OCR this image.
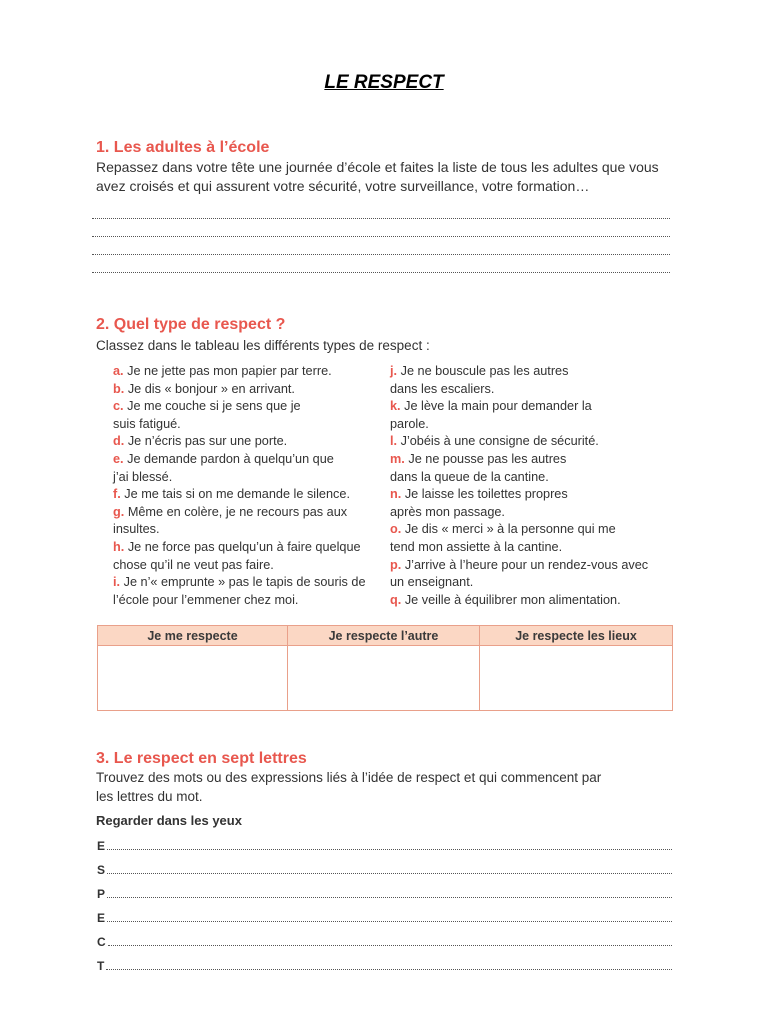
LE RESPECT
1. Les adultes à l’école
Repassez dans votre tête une journée d’école et faites la liste de tous les adultes que vous avez croisés et qui assurent votre sécurité, votre surveillance, votre formation…
2. Quel type de respect ?
Classez dans le tableau les différents types de respect :

a. Je ne jette pas mon papier par terre.

b. Je dis « bonjour » en arrivant.

c. Je me couche si je sens que je suis fatigué.

d. Je n’écris pas sur une porte.

e. Je demande pardon à quelqu’un que j’ai blessé.

f. Je me tais si on me demande le silence.

g. Même en colère, je ne recours pas aux insultes.

h. Je ne force pas quelqu’un à faire quelque chose qu’il ne veut pas faire.

i. Je n’« emprunte » pas le tapis de souris de l’école pour l’emmener chez moi.

j. Je ne bouscule pas les autres dans les escaliers.

k. Je lève la main pour demander la parole.

l. J’obéis à une consigne de sécurité.

m. Je ne pousse pas les autres dans la queue de la cantine.

n. Je laisse les toilettes propres après mon passage.

o. Je dis « merci » à la personne qui me tend mon assiette à la cantine.

p. J’arrive à l’heure pour un rendez-vous avec un enseignant.

q. Je veille à équilibrer mon alimentation.

Je me respecte	Je respecte l’autre	Je respecte les lieux
3. Le respect en sept lettres
Trouvez des mots ou des expressions liés à l’idée de respect et qui commencent par les lettres du mot.
Regarder dans les yeux
E
S
P
E
C
T
